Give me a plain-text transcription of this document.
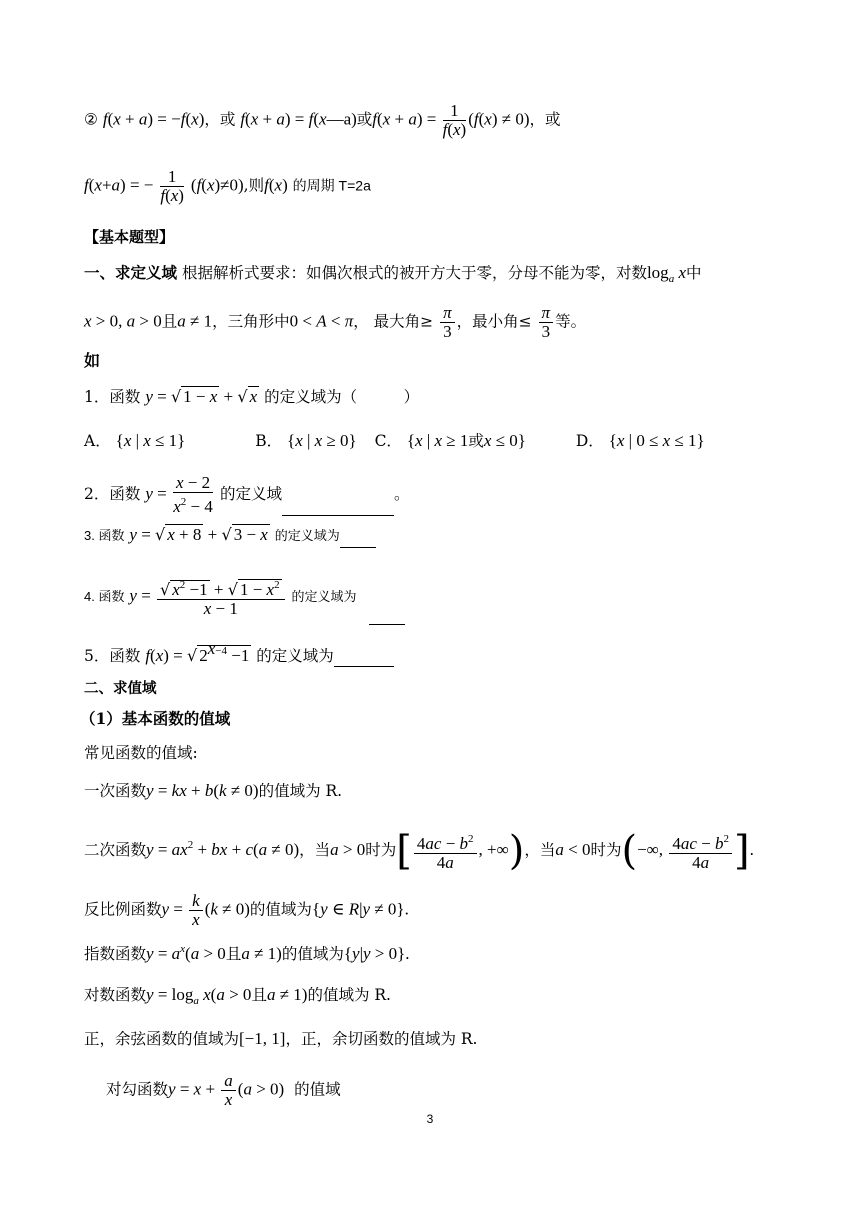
② f(x + a) = −f(x)，或 f(x + a) = f(x—a)或$f(x + a) = \frac{1}{f(x)} (f(x) \ne 0)$，或
f(x+a) = − $\frac{1}{f(x)} (f(x)\ne 0)$,则f(x) 的周期 T=2a
【基本题型】
一、求定义域 根据解析式要求：如偶次根式的被开方大于零，分母不能为零，对数$\log_a x$中
x > 0, a > 0且a ≠ 1，三角形中0 < A < π， 最大角≥ $\frac{\pi}{3}$ ，最小角≤ $\frac{\pi}{3}$ 等。
如
1．函数 y = √ 1 − x + √ x 的定义域为（　　　）
A． {x | x ≤ 1}	B． {x | x ≥ 0} C． {x | x ≥ 1或x ≤ 0}	D． {x | 0 ≤ x ≤ 1}
2．函数 $y = \frac{x - 2}{x^2 - 4}$ 的定义域	。
3. 函数 y = √ x + 8 + √ 3 − x 的定义域为
4. 函数 $y = \frac{√ x^2 -1 + √ 1 - x^2}{x - 1}$ 的定义域为
5．函数 f(x) = √ $2^{x-4} -1$ 的定义域为
二、求值域
（1）基本函数的值域
常见函数的值域:
一次函数y = kx + b(k ≠ 0)的值域为 R.
二次函数$y = ax^2$ + bx + c(a ≠ 0)，当a > 0时为[ $\frac{4ac - b^2}{4a}$ , +∞)，当a < 0时为(−∞, $\frac{4ac - b^2}{4a}$ ].
反比例函数$y = \frac{k}{x} (k \ne 0)$的值域为{y ∈ R|y ≠ 0}.
指数函数$y = a^x(a > 0$且a ≠ 1)的值域为{y|y > 0}.
对数函数$y = \log_a x(a > 0$且a ≠ 1)的值域为 R.
正，余弦函数的值域为[−1, 1]，正，余切函数的值域为 R.
对勾函数$y = x + \frac{a}{x} (a > 0)$ 的值域
3
